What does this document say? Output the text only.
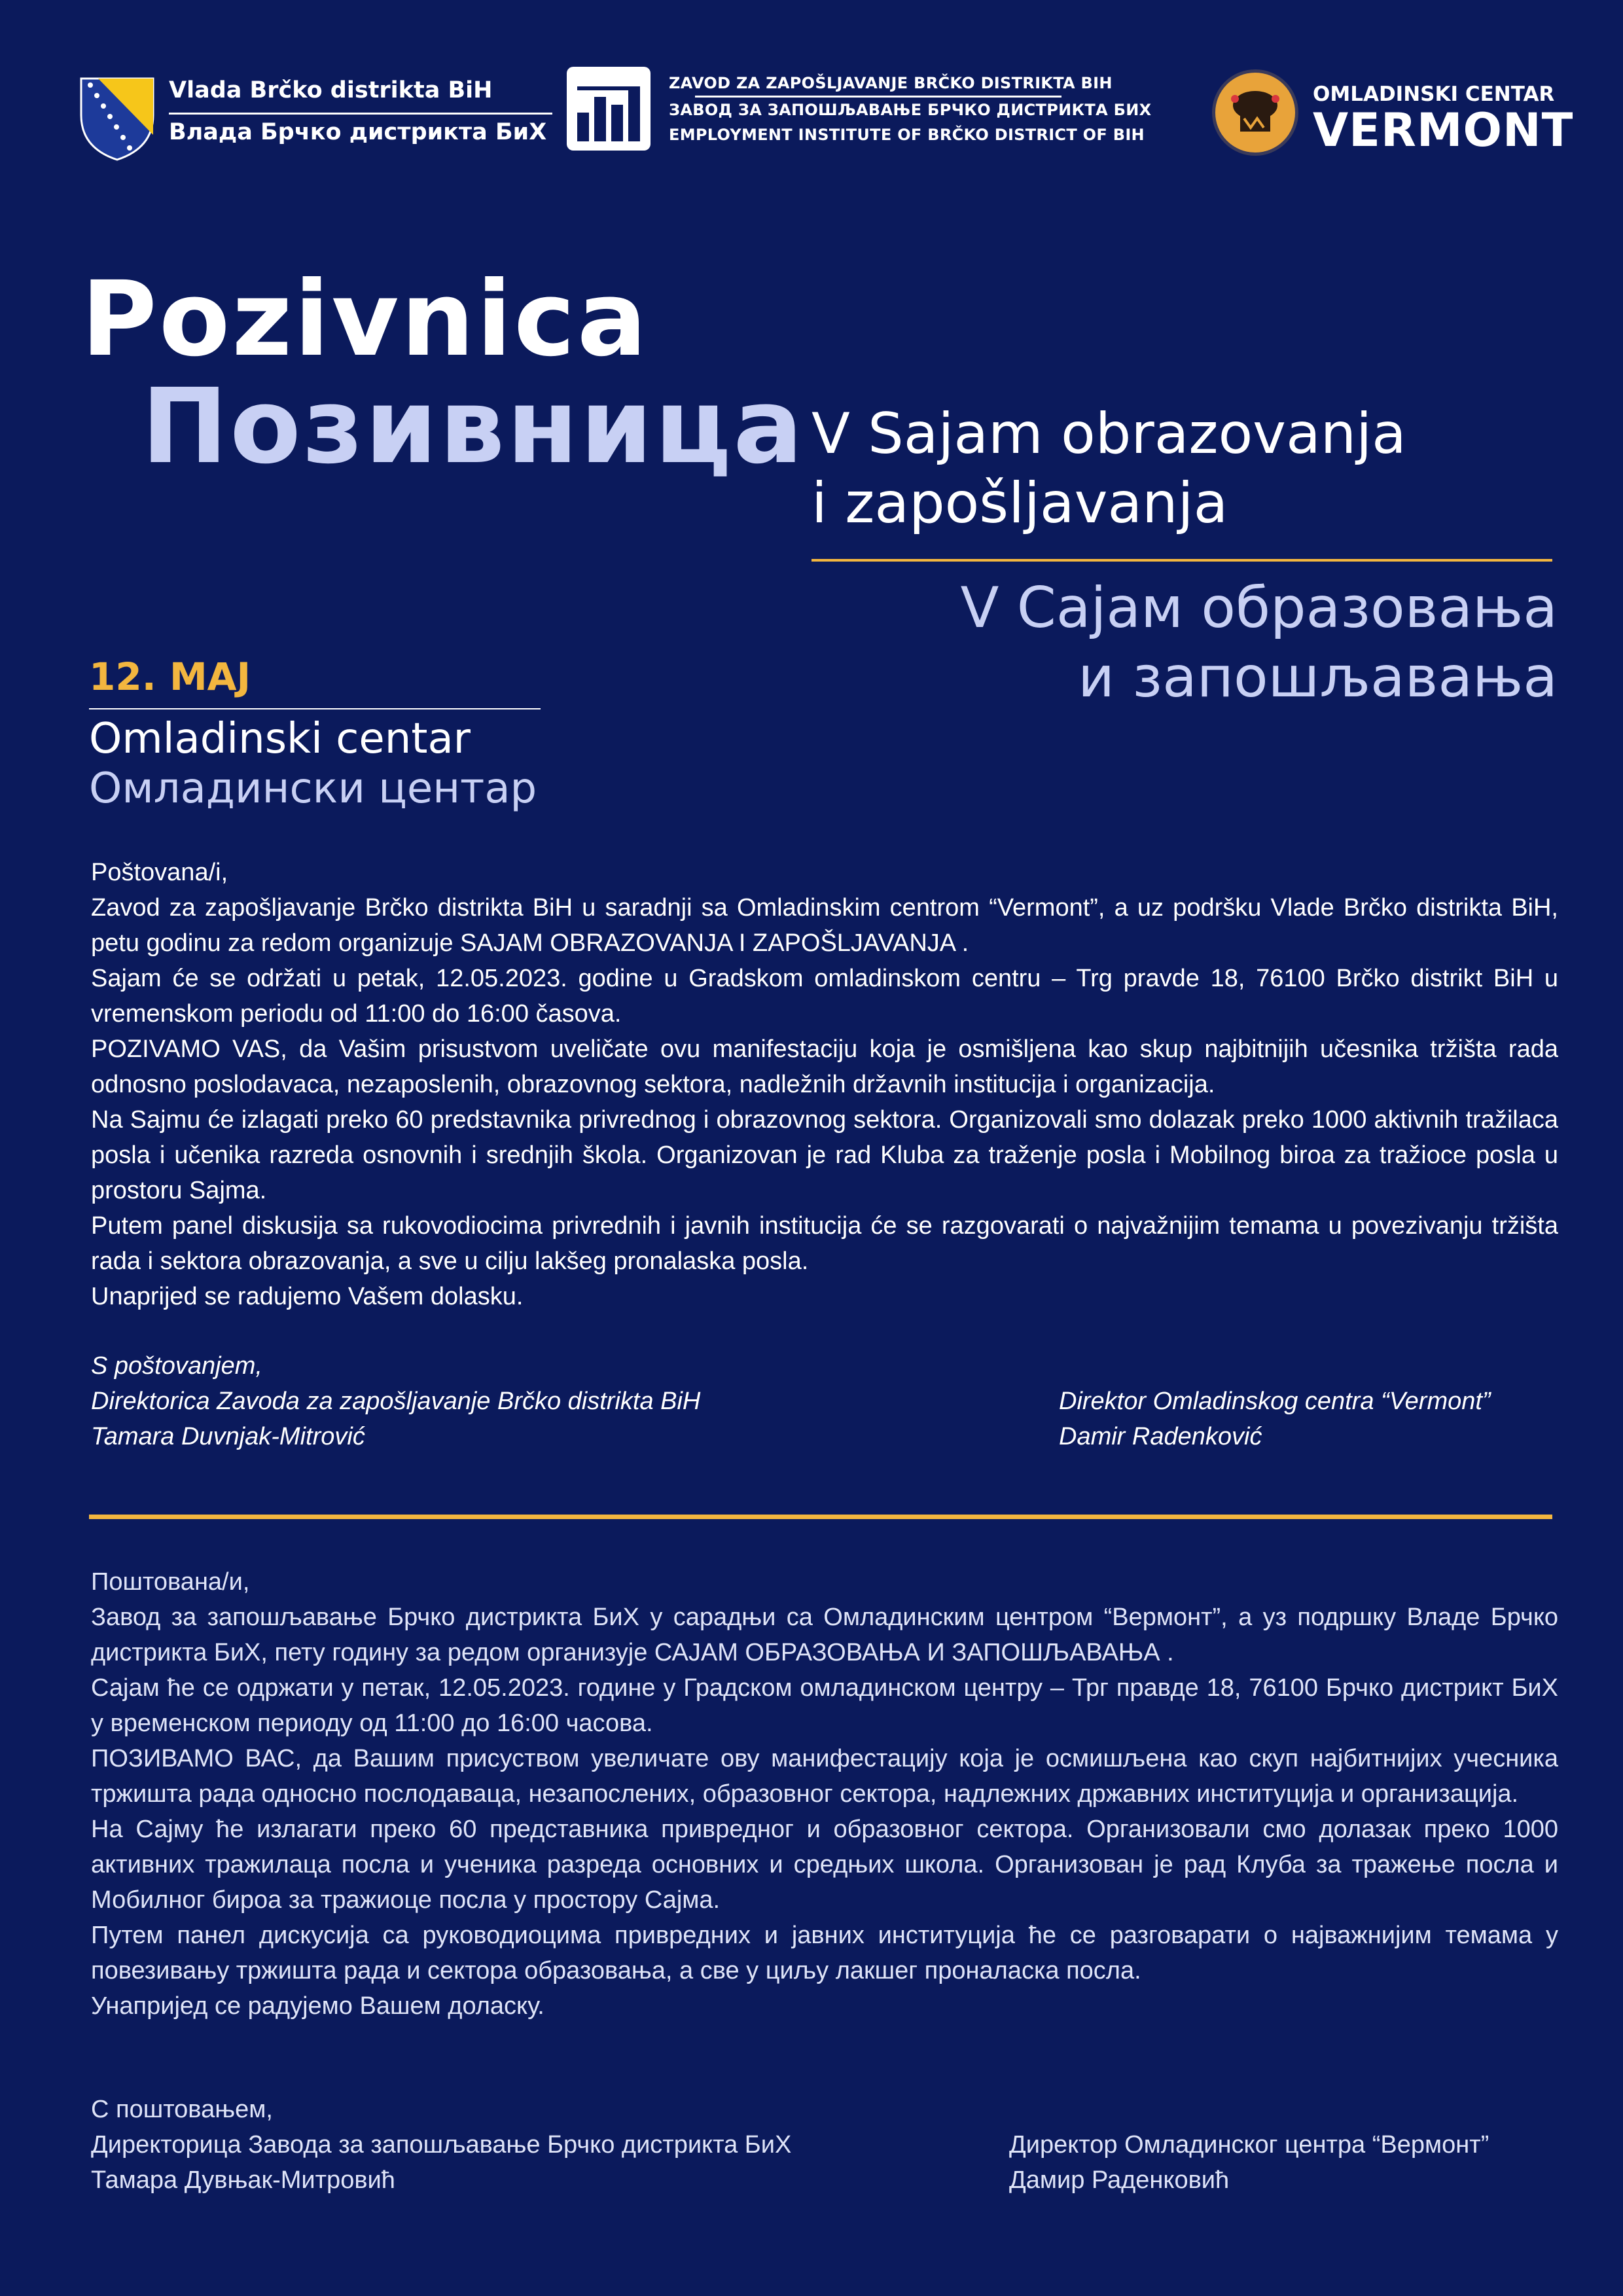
Vlada Brčko distrikta BiH
Влада Брчко дистрикта БиХ
ZAVOD ZA ZAPOŠLJAVANJE BRČKO DISTRIKTA BIH
ЗАВОД ЗА ЗАПОШЉАВАЊЕ БРЧКО ДИСТРИКТА БИХ
EMPLOYMENT INSTITUTE OF BRČKO DISTRICT OF BIH
OMLADINSKI CENTAR
VERMONT
Pozivnica
Позивница V Sajam obrazovanja
i zapošljavanja
V Сајам образовања
и запошљавања
12. MAJ
Omladinski centar
Омладински центар

Poštovana/i,

Zavod za zapošljavanje Brčko distrikta BiH u saradnji sa Omladinskim centrom “Vermont”, a uz podršku Vlade Brčko distrikta BiH, petu godinu za redom organizuje SAJAM OBRAZOVANJA I ZAPOŠLJAVANJA .

Sajam će se održati u petak, 12.05.2023. godine u Gradskom omladinskom centru – Trg pravde 18, 76100 Brčko distrikt BiH u vremenskom periodu od 11:00 do 16:00 časova.

POZIVAMO VAS, da Vašim prisustvom uveličate ovu manifestaciju koja je osmišljena kao skup najbitnijih učesnika tržišta rada odnosno poslodavaca, nezaposlenih, obrazovnog sektora, nadležnih državnih institucija i organizacija.

Na Sajmu će izlagati preko 60 predstavnika privrednog i obrazovnog sektora. Organizovali smo dolazak preko 1000 aktivnih tražilaca posla i učenika razreda osnovnih i srednjih škola. Organizovan je rad Kluba za traženje posla i Mobilnog biroa za tražioce posla u prostoru Sajma.

Putem panel diskusija sa rukovodiocima privrednih i javnih institucija će se razgovarati o najvažnijim temama u povezivanju tržišta rada i sektora obrazovanja, a sve u cilju lakšeg pronalaska posla.

Unaprijed se radujemo Vašem dolasku.

S poštovanjem,
Direktorica Zavoda za zapošljavanje Brčko distrikta BiH
Tamara Duvnjak-Mitrović
Direktor Omladinskog centra “Vermont”
Damir Radenković

Поштована/и,

Завод за запошљавање Брчко дистрикта БиХ у сарадњи са Омладинским центром “Вермонт”, а уз подршку Владе Брчко дистрикта БиХ, пету годину за редом организује САЈАМ ОБРАЗОВАЊА И ЗАПОШЉАВАЊА .

Сајам ће се одржати у петак, 12.05.2023. године у Градском омладинском центру – Трг правде 18, 76100 Брчко дистрикт БиХ у временском периоду од 11:00 до 16:00 часова.

ПОЗИВАМО ВАС, да Вашим присуством увеличате ову манифестацију која је осмишљена као скуп најбитнијих учесника тржишта рада односно послодаваца, незапослених, образовног сектора, надлежних државних институција и организација.

На Сајму ће излагати преко 60 представника привредног и образовног сектора. Организовали смо долазак преко 1000 активних тражилаца посла и ученика разреда основних и средњих школа. Организован је рад Клуба за тражење посла и Мобилног бироа за тражиоце посла у простору Сајма.

Путем панел дискусија са руководиоцима привредних и јавних институција ће се разговарати о најважнијим темама у повезивању тржишта рада и сектора образовања, а све у циљу лакшег проналаска посла.

Унапријед се радујемо Вашем доласку.

С поштовањем,
Директорица Завода за запошљавање Брчко дистрикта БиХ
Тамара Дувњак-Митровић
Директор Омладинског центра “Вермонт”
Дамир Раденковић
